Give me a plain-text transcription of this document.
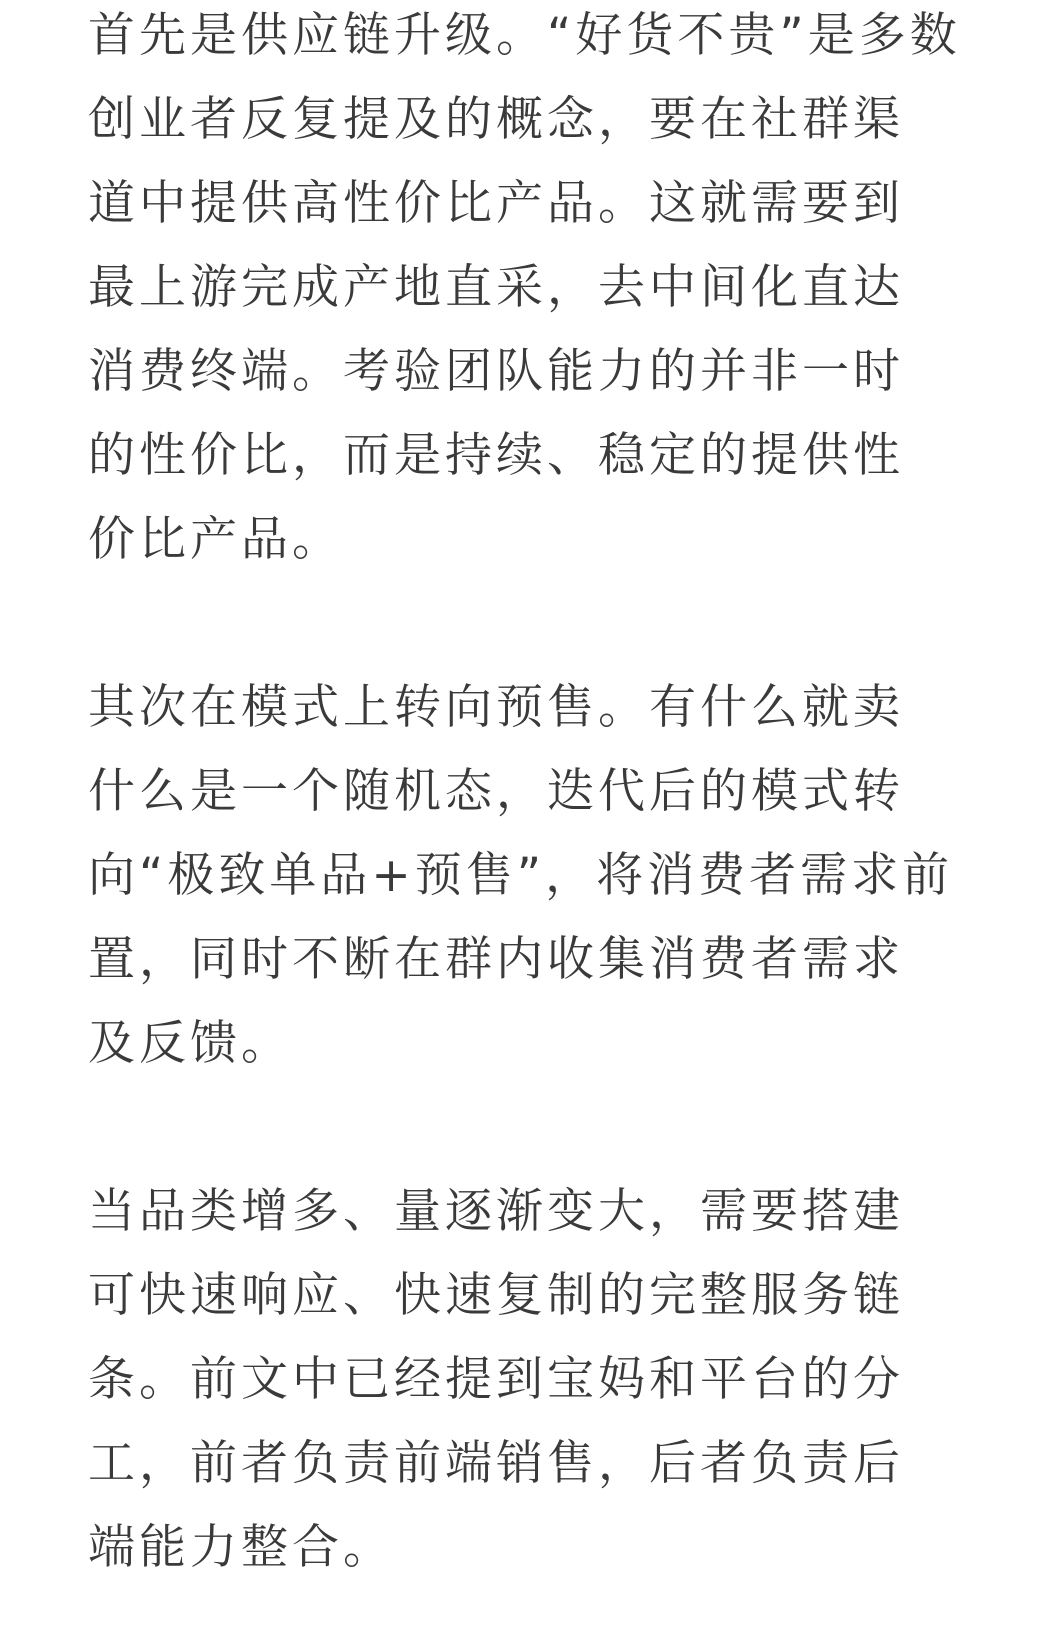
首先是供应链升级。“好货不贵”是多数
创业者反复提及的概念，要在社群渠
道中提供高性价比产品。这就需要到
最上游完成产地直采，去中间化直达
消费终端。考验团队能力的并非一时
的性价比，而是持续、稳定的提供性
价比产品。

其次在模式上转向预售。有什么就卖
什么是一个随机态，迭代后的模式转
向“极致单品+预售”，将消费者需求前
置，同时不断在群内收集消费者需求
及反馈。

当品类增多、量逐渐变大，需要搭建
可快速响应、快速复制的完整服务链
条。前文中已经提到宝妈和平台的分
工，前者负责前端销售，后者负责后
端能力整合。
